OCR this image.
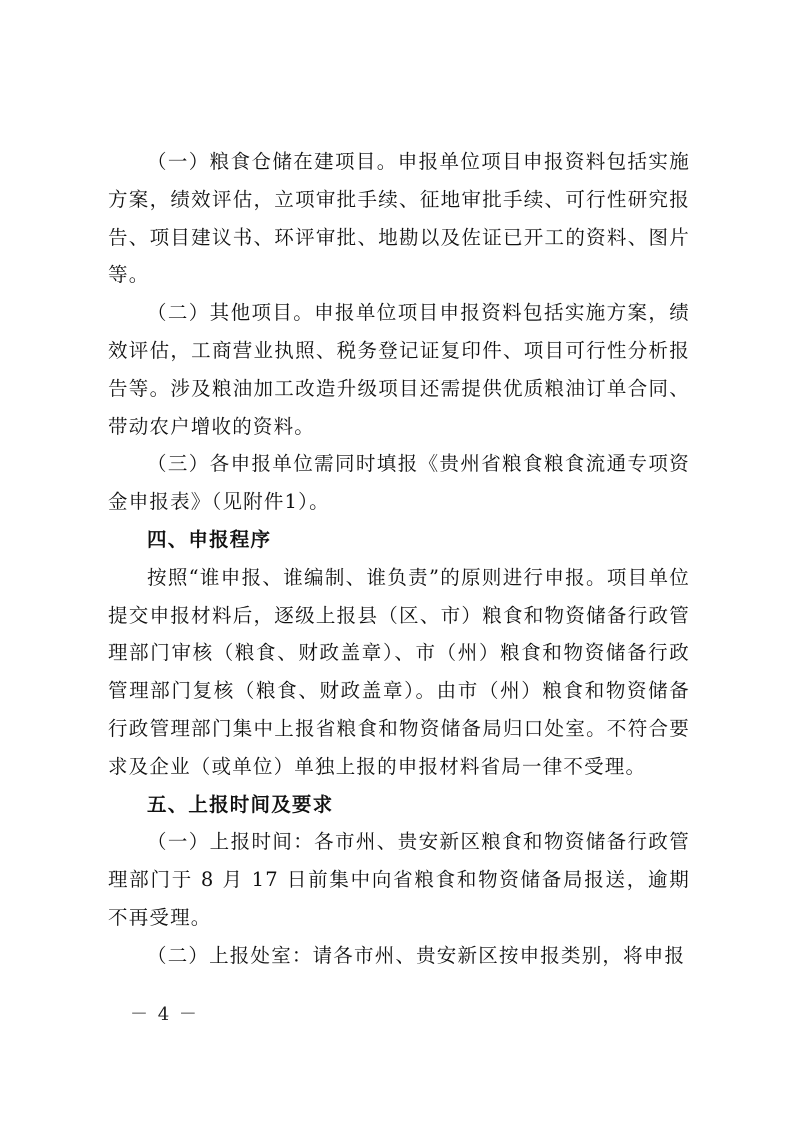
（一）粮食仓储在建项目。申报单位项目申报资料包括实施方案，绩效评估，立项审批手续、征地审批手续、可行性研究报告、项目建议书、环评审批、地勘以及佐证已开工的资料、图片等。

（二）其他项目。申报单位项目申报资料包括实施方案，绩效评估，工商营业执照、税务登记证复印件、项目可行性分析报告等。涉及粮油加工改造升级项目还需提供优质粮油订单合同、带动农户增收的资料。

（三）各申报单位需同时填报《贵州省粮食粮食流通专项资金申报表》（见附件1）。

四、申报程序

按照“谁申报、谁编制、谁负责”的原则进行申报。项目单位提交申报材料后，逐级上报县（区、市）粮食和物资储备行政管理部门审核（粮食、财政盖章）、市（州）粮食和物资储备行政管理部门复核（粮食、财政盖章）。由市（州）粮食和物资储备行政管理部门集中上报省粮食和物资储备局归口处室。不符合要求及企业（或单位）单独上报的申报材料省局一律不受理。

五、上报时间及要求

（一）上报时间：各市州、贵安新区粮食和物资储备行政管理部门于 8 月 17 日前集中向省粮食和物资储备局报送，逾期不再受理。

（二）上报处室：请各市州、贵安新区按申报类别，将申报

－ 4 －
